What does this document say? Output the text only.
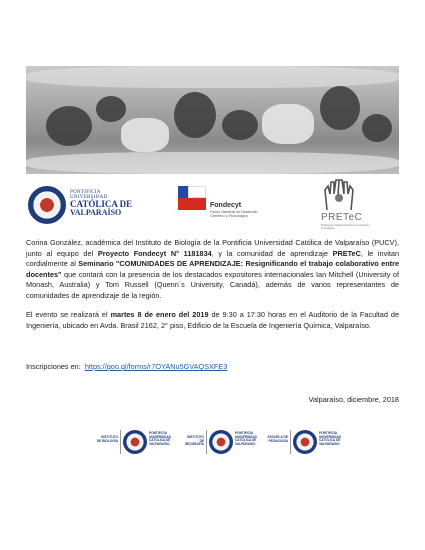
PONTIFICIA UNIVERSIDAD
CATÓLICA DE
VALPARAÍSO
Fondecyt
Fondo Nacional de Desarrollo Científico y Tecnológico	PRETeC
Profesores Relacionando con Ciencia y Tecnología

Corina González, académica del Instituto de Biología de la Pontificia Universidad Católica de Valparaíso (PUCV), junto al equipo del Proyecto Fondecyt N° 1181834, y la comunidad de aprendizaje PRETeC, le invitan cordialmente al Seminario "COMUNIDADES DE APRENDIZAJE: Resignificando el trabajo colaborativo entre docentes" que contará con la presencia de los destacados expositores internacionales Ian Mitchell (University of Monash, Australia) y Tom Russell (Quenn´s University, Canadá), además de varios representantes de comunidades de aprendizaje de la región.

El evento se realizará el martes 8 de enero del 2019 de 9:30 a 17:30 horas en el Auditorio de la Facultad de Ingeniería, ubicado en Avda. Brasil 2162, 2° piso, Edificio de la Escuela de Ingeniería Química, Valparaíso.

Inscripciones en: https://goo.gl/forms/r7OYANu5GVAQSXFE3
Valparaíso, diciembre, 2018
INSTITUTO DE BIOLOGÍA
PONTIFICIA UNIVERSIDAD CATÓLICA DE VALPARAÍSO
INSTITUTO DE GEOGRAFÍA
PONTIFICIA UNIVERSIDAD CATÓLICA DE VALPARAÍSO
ESCUELA DE PEDAGOGÍA
PONTIFICIA UNIVERSIDAD CATÓLICA DE VALPARAÍSO
